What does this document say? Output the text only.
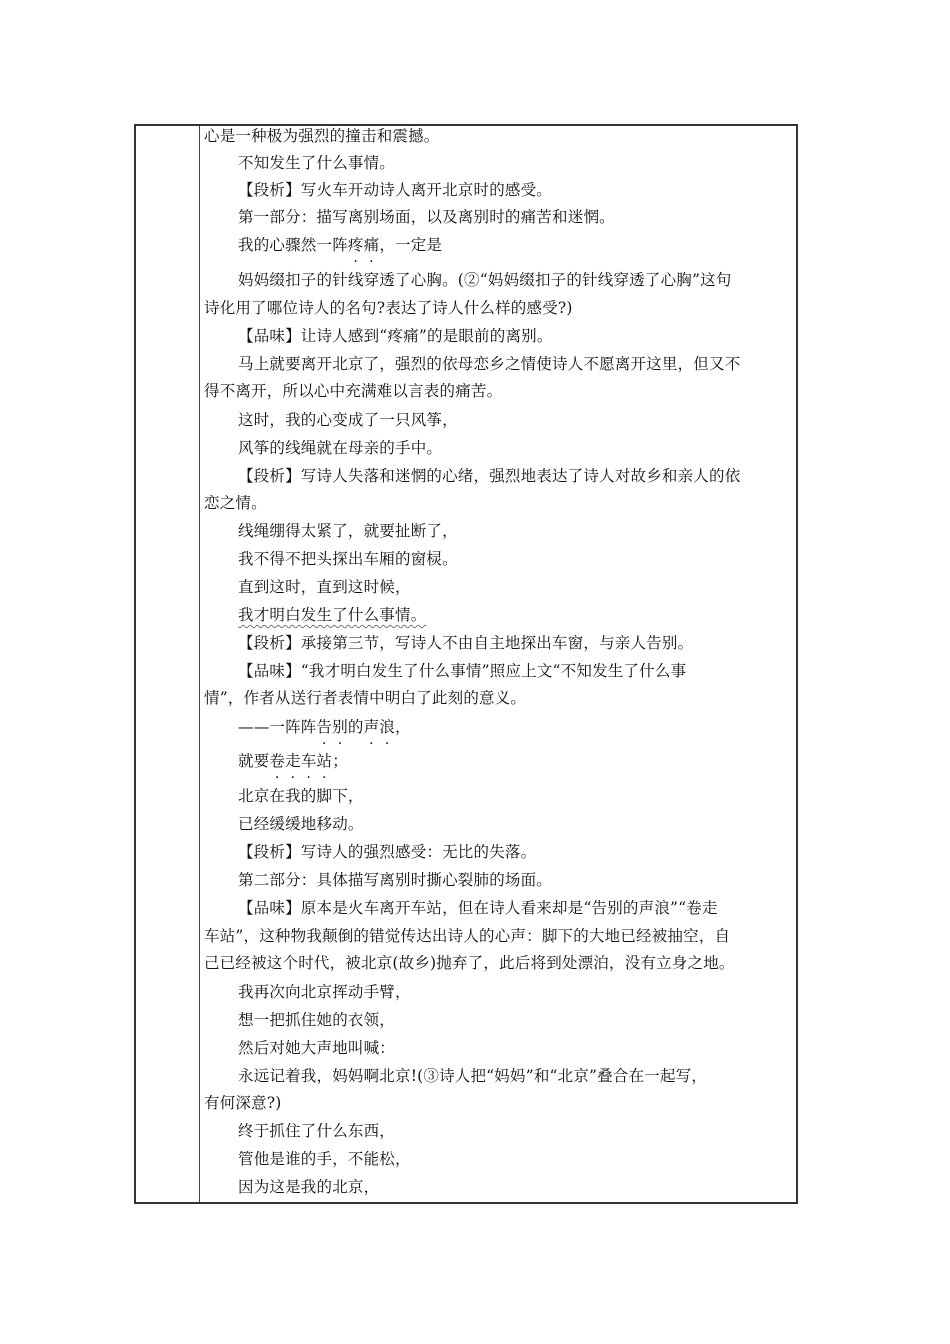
心是一种极为强烈的撞击和震撼。
不知发生了什么事情。
【段析】写火车开动诗人离开北京时的感受。
第一部分：描写离别场面，以及离别时的痛苦和迷惘。
我的心骤然一阵疼痛，一定是
妈妈缀扣子的针线穿透了心胸。(②“妈妈缀扣子的针线穿透了心胸”这句
诗化用了哪位诗人的名句?表达了诗人什么样的感受?)
【品味】让诗人感到“疼痛”的是眼前的离别。
马上就要离开北京了，强烈的依母恋乡之情使诗人不愿离开这里，但又不
得不离开，所以心中充满难以言表的痛苦。
这时，我的心变成了一只风筝，
风筝的线绳就在母亲的手中。
【段析】写诗人失落和迷惘的心绪，强烈地表达了诗人对故乡和亲人的依
恋之情。
线绳绷得太紧了，就要扯断了，
我不得不把头探出车厢的窗棂。
直到这时，直到这时候，
我才明白发生了什么事情。
【段析】承接第三节，写诗人不由自主地探出车窗，与亲人告别。
【品味】“我才明白发生了什么事情”照应上文“不知发生了什么事
情”，作者从送行者表情中明白了此刻的意义。
——一阵阵告别的声浪，
就要卷走车站；
北京在我的脚下，
已经缓缓地移动。
【段析】写诗人的强烈感受：无比的失落。
第二部分：具体描写离别时撕心裂肺的场面。
【品味】原本是火车离开车站，但在诗人看来却是“告别的声浪”“卷走
车站”，这种物我颠倒的错觉传达出诗人的心声：脚下的大地已经被抽空，自
己已经被这个时代，被北京(故乡)抛弃了，此后将到处漂泊，没有立身之地。
我再次向北京挥动手臂，
想一把抓住她的衣领，
然后对她大声地叫喊：
永远记着我，妈妈啊北京!(③诗人把“妈妈”和“北京”叠合在一起写，
有何深意?)
终于抓住了什么东西，
管他是谁的手，不能松，
因为这是我的北京，
